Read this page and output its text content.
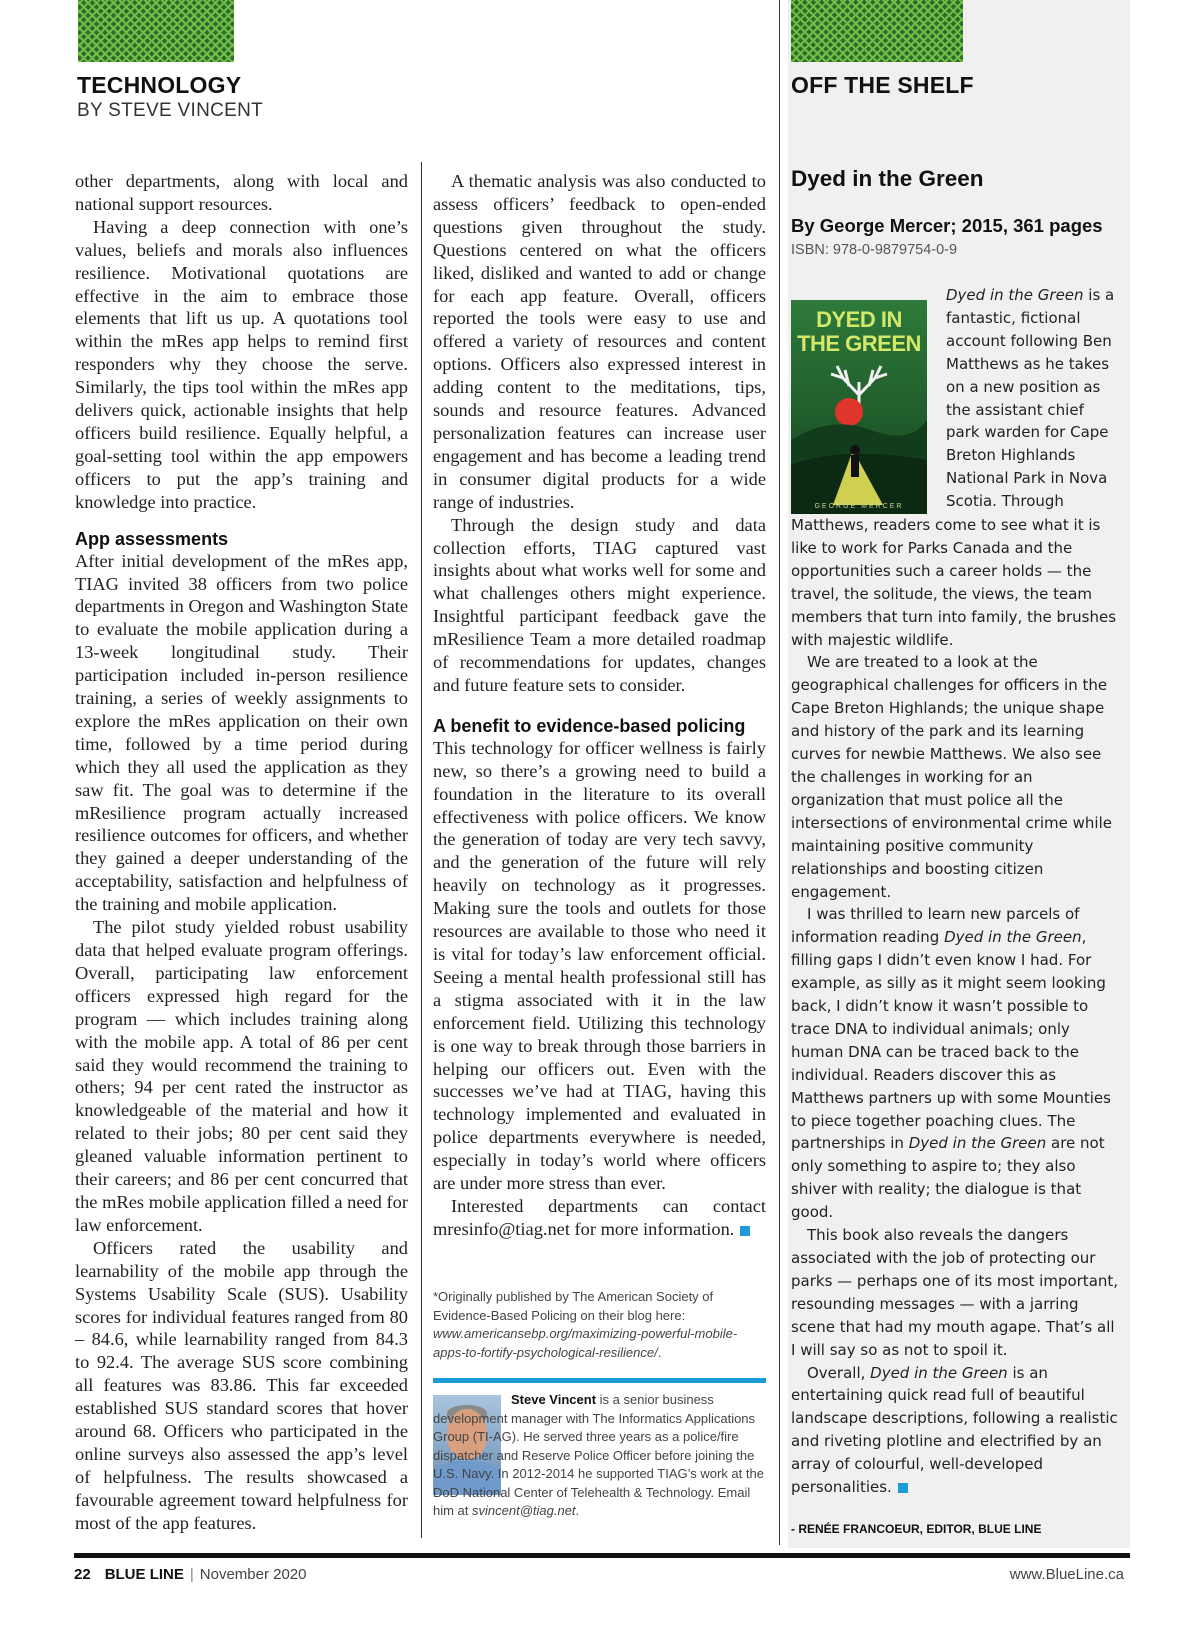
TECHNOLOGY
BY STEVE VINCENT
OFF THE SHELF

other departments, along with local and national support resources.

Having a deep connection with one’s values, beliefs and morals also influences resilience. Motivational quotations are effective in the aim to embrace those elements that lift us up. A quotations tool within the mRes app helps to remind first responders why they choose the serve. Similarly, the tips tool within the mRes app delivers quick, actionable insights that help officers build resilience. Equally helpful, a goal-setting tool within the app empowers officers to put the app’s training and knowledge into practice.

App assessments

After initial development of the mRes app, TIAG invited 38 officers from two police departments in Oregon and Washington State to evaluate the mobile application during a 13-week longitudinal study. Their participation included in-person resilience training, a series of weekly assignments to explore the mRes application on their own time, followed by a time period during which they all used the application as they saw fit. The goal was to determine if the mResilience program actually increased resilience outcomes for officers, and whether they gained a deeper understanding of the acceptability, satisfaction and helpfulness of the training and mobile application.

The pilot study yielded robust usability data that helped evaluate program offerings. Overall, participating law enforcement officers expressed high regard for the program — which includes training along with the mobile app. A total of 86 per cent said they would recommend the training to others; 94 per cent rated the instructor as knowledgeable of the material and how it related to their jobs; 80 per cent said they gleaned valuable information pertinent to their careers; and 86 per cent concurred that the mRes mobile application filled a need for law enforcement.

Officers rated the usability and learnability of the mobile app through the Systems Usability Scale (SUS). Usability scores for individual features ranged from 80 – 84.6, while learnability ranged from 84.3 to 92.4. The average SUS score combining all features was 83.86. This far exceeded established SUS standard scores that hover around 68. Officers who participated in the online surveys also assessed the app’s level of helpfulness. The results showcased a favourable agreement toward helpfulness for most of the app features.

A thematic analysis was also conducted to assess officers’ feedback to open-ended questions given throughout the study. Questions centered on what the officers liked, disliked and wanted to add or change for each app feature. Overall, officers reported the tools were easy to use and offered a variety of resources and content options. Officers also expressed interest in adding content to the meditations, tips, sounds and resource features. Advanced personalization features can increase user engagement and has become a leading trend in consumer digital products for a wide range of industries.

Through the design study and data collection efforts, TIAG captured vast insights about what works well for some and what challenges others might experience. Insightful participant feedback gave the mResilience Team a more detailed roadmap of recommendations for updates, changes and future feature sets to consider.

A benefit to evidence-based policing

This technology for officer wellness is fairly new, so there’s a growing need to build a foundation in the literature to its overall effectiveness with police officers. We know the generation of today are very tech savvy, and the generation of the future will rely heavily on technology as it progresses. Making sure the tools and outlets for those resources are available to those who need it is vital for today’s law enforcement official. Seeing a mental health professional still has a stigma associated with it in the law enforcement field. Utilizing this technology is one way to break through those barriers in helping our officers out. Even with the successes we’ve had at TIAG, having this technology implemented and evaluated in police departments everywhere is needed, especially in today’s world where officers are under more stress than ever.

Interested departments can contact mresinfo@tiag.net for more information.

*Originally published by The American Society of Evidence-Based Policing on their blog here: www.americansebp.org/maximizing-powerful-mobile-apps-to-fortify-psychological-resilience/.
Steve Vincent is a senior business development manager with The Informatics Applications Group (TI-AG). He served three years as a police/fire dispatcher and Reserve Police Officer before joining the U.S. Navy. In 2012-2014 he supported TIAG’s work at the DoD National Center of Telehealth & Technology. Email him at svincent@tiag.net.
Dyed in the Green
By George Mercer; 2015, 361 pages
ISBN: 978-0-9879754-0-9
DYED IN
THE GREEN
GEORGE MERCER

Dyed in the Green is a fantastic, fictional account following Ben Matthews as he takes on a new position as the assistant chief park warden for Cape Breton Highlands National Park in Nova Scotia. Through

Matthews, readers come to see what it is like to work for Parks Canada and the opportunities such a career holds — the travel, the solitude, the views, the team members that turn into family, the brushes with majestic wildlife.

We are treated to a look at the geographical challenges for officers in the Cape Breton Highlands; the unique shape and history of the park and its learning curves for newbie Matthews. We also see the challenges in working for an organization that must police all the intersections of environmental crime while maintaining positive community relationships and boosting citizen engagement.

I was thrilled to learn new parcels of information reading Dyed in the Green, filling gaps I didn’t even know I had. For example, as silly as it might seem looking back, I didn’t know it wasn’t possible to trace DNA to individual animals; only human DNA can be traced back to the individual. Readers discover this as Matthews partners up with some Mounties to piece together poaching clues. The partnerships in Dyed in the Green are not only something to aspire to; they also shiver with reality; the dialogue is that good.

This book also reveals the dangers associated with the job of protecting our parks — perhaps one of its most important, resounding messages — with a jarring scene that had my mouth agape. That’s all I will say so as not to spoil it.

Overall, Dyed in the Green is an entertaining quick read full of beautiful landscape descriptions, following a realistic and riveting plotline and electrified by an array of colourful, well-developed personalities.

- RENÉE FRANCOEUR, EDITOR, BLUE LINE
22 BLUE LINE | November 2020	www.BlueLine.ca
